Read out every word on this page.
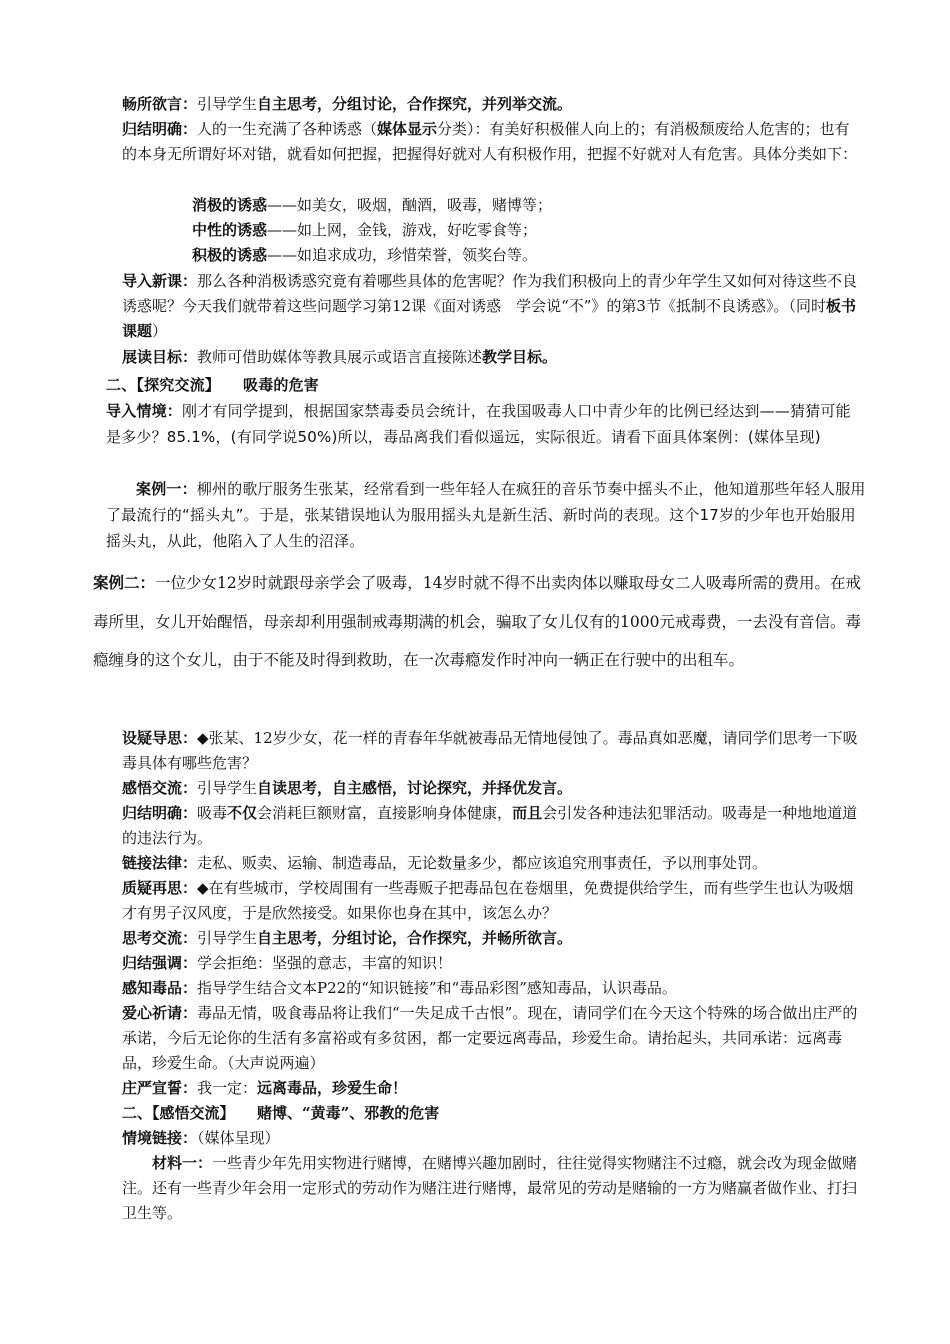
畅所欲言：引导学生自主思考，分组讨论，合作探究，并列举交流。
归结明确：人的一生充满了各种诱惑（媒体显示分类）：有美好积极催人向上的；有消极颓废给人危害的；也有的本身无所谓好坏对错，就看如何把握，把握得好就对人有积极作用，把握不好就对人有危害。具体分类如下：
消极的诱惑——如美女，吸烟，酗酒，吸毒，赌博等；
中性的诱惑——如上网，金钱，游戏，好吃零食等；
积极的诱惑——如追求成功，珍惜荣誉，领奖台等。
导入新课：那么各种消极诱惑究竟有着哪些具体的危害呢？作为我们积极向上的青少年学生又如何对待这些不良诱惑呢？今天我们就带着这些问题学习第12课《面对诱惑　学会说“不”》的第3节《抵制不良诱惑》。（同时板书课题）
展读目标：教师可借助媒体等教具展示或语言直接陈述教学目标。
二、【探究交流】　　吸毒的危害
导入情境：刚才有同学提到，根据国家禁毒委员会统计，在我国吸毒人口中青少年的比例已经达到——猜猜可能是多少？85.1%，(有同学说50%)所以，毒品离我们看似遥远，实际很近。请看下面具体案例：(媒体呈现)
案例一：柳州的歌厅服务生张某，经常看到一些年轻人在疯狂的音乐节奏中摇头不止，他知道那些年轻人服用了最流行的“摇头丸”。于是，张某错误地认为服用摇头丸是新生活、新时尚的表现。这个17岁的少年也开始服用摇头丸，从此，他陷入了人生的沼泽。
案例二：一位少女12岁时就跟母亲学会了吸毒，14岁时就不得不出卖肉体以赚取母女二人吸毒所需的费用。在戒毒所里，女儿开始醒悟，母亲却利用强制戒毒期满的机会，骗取了女儿仅有的1000元戒毒费，一去没有音信。毒瘾缠身的这个女儿，由于不能及时得到救助，在一次毒瘾发作时冲向一辆正在行驶中的出租车。
设疑导思：◆张某、12岁少女，花一样的青春年华就被毒品无情地侵蚀了。毒品真如恶魔，请同学们思考一下吸毒具体有哪些危害？
感悟交流：引导学生自读思考，自主感悟，讨论探究，并择优发言。
归结明确：吸毒不仅会消耗巨额财富，直接影响身体健康，而且会引发各种违法犯罪活动。吸毒是一种地地道道的违法行为。
链接法律：走私、贩卖、运输、制造毒品，无论数量多少，都应该追究刑事责任，予以刑事处罚。
质疑再思：◆在有些城市，学校周围有一些毒贩子把毒品包在卷烟里，免费提供给学生，而有些学生也认为吸烟才有男子汉风度，于是欣然接受。如果你也身在其中，该怎么办？
思考交流：引导学生自主思考，分组讨论，合作探究，并畅所欲言。
归结强调：学会拒绝：坚强的意志，丰富的知识！
感知毒品：指导学生结合文本P22的“知识链接”和“毒品彩图”感知毒品，认识毒品。
爱心祈请：毒品无情，吸食毒品将让我们“一失足成千古恨”。现在，请同学们在今天这个特殊的场合做出庄严的承诺，今后无论你的生活有多富裕或有多贫困，都一定要远离毒品，珍爱生命。请抬起头，共同承诺：远离毒品，珍爱生命。（大声说两遍）
庄严宣誓：我一定：远离毒品，珍爱生命！
二、【感悟交流】　　赌博、“黄毒”、邪教的危害
情境链接：（媒体呈现）
材料一：一些青少年先用实物进行赌博，在赌博兴趣加剧时，往往觉得实物赌注不过瘾，就会改为现金做赌注。还有一些青少年会用一定形式的劳动作为赌注进行赌博，最常见的劳动是赌输的一方为赌赢者做作业、打扫卫生等。
